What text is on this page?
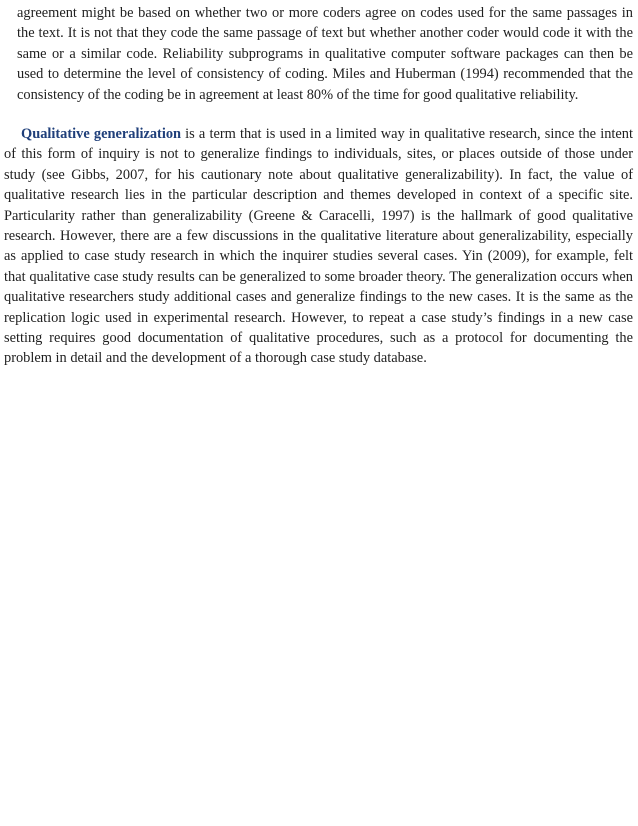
agreement might be based on whether two or more coders agree on codes used for the same passages in the text. It is not that they code the same passage of text but whether another coder would code it with the same or a similar code. Reliability subprograms in qualitative computer software packages can then be used to determine the level of consistency of coding. Miles and Huberman (1994) recommended that the consistency of the coding be in agreement at least 80% of the time for good qualitative reliability.

Qualitative generalization is a term that is used in a limited way in qualitative research, since the intent of this form of inquiry is not to generalize findings to individuals, sites, or places outside of those under study (see Gibbs, 2007, for his cautionary note about qualitative generalizability). In fact, the value of qualitative research lies in the particular description and themes developed in context of a specific site. Particularity rather than generalizability (Greene & Caracelli, 1997) is the hallmark of good qualitative research. However, there are a few discussions in the qualitative literature about generalizability, especially as applied to case study research in which the inquirer studies several cases. Yin (2009), for example, felt that qualitative case study results can be generalized to some broader theory. The generalization occurs when qualitative researchers study additional cases and generalize findings to the new cases. It is the same as the replication logic used in experimental research. However, to repeat a case study’s findings in a new case setting requires good documentation of qualitative procedures, such as a protocol for documenting the problem in detail and the development of a thorough case study database.
